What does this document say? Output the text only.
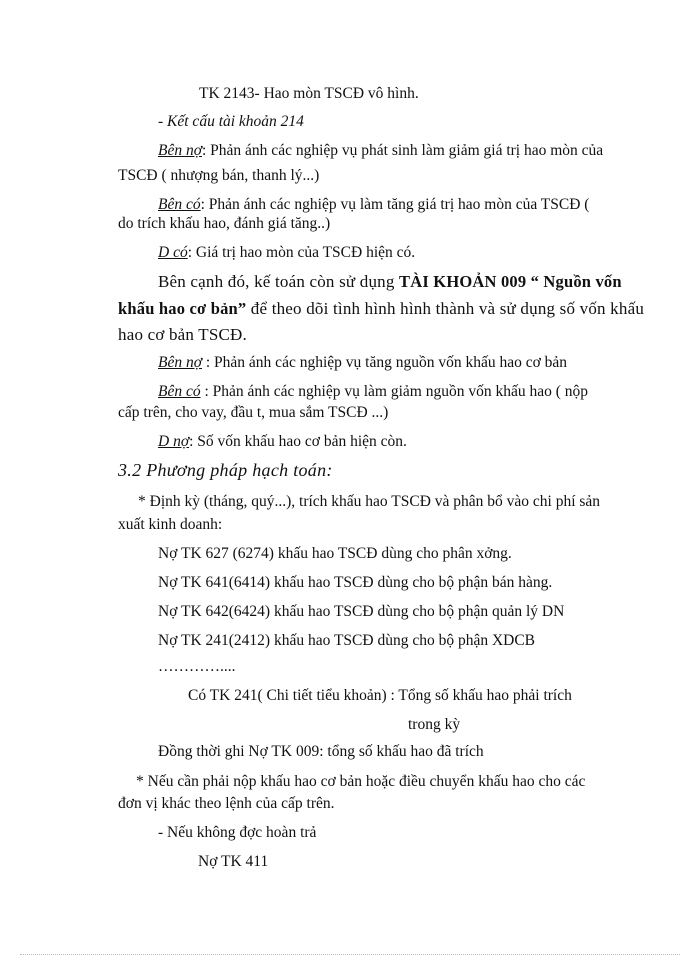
TK 2143- Hao mòn TSCĐ vô hình.
- Kết cấu tài khoản 214
Bên nợ: Phản ánh các nghiệp vụ phát sinh làm giảm giá trị hao mòn của
TSCĐ ( nhượng bán, thanh lý...)
Bên có: Phản ánh các nghiệp vụ làm tăng giá trị hao mòn của TSCĐ (
do trích khấu hao, đánh giá tăng..)
D có: Giá trị hao mòn của TSCĐ hiện có.
Bên cạnh đó, kế toán còn sử dụng TÀI KHOẢN 009 “ Nguồn vốn
khấu hao cơ bản” để theo dõi tình hình hình thành và sử dụng số vốn khấu
hao cơ bản TSCĐ.
Bên nợ : Phản ánh các nghiệp vụ tăng nguồn vốn khấu hao cơ bản
Bên có : Phản ánh các nghiệp vụ làm giảm nguồn vốn khấu hao ( nộp
cấp trên, cho vay, đầu t, mua sắm TSCĐ ...)
D nợ: Số vốn khấu hao cơ bản hiện còn.
3.2 Phương pháp hạch toán:
* Định kỳ (tháng, quý...), trích khấu hao TSCĐ và phân bổ vào chi phí sản
xuất kinh doanh:
Nợ TK 627 (6274) khấu hao TSCĐ dùng cho phân xởng.
Nợ TK 641(6414) khấu hao TSCĐ dùng cho bộ phận bán hàng.
Nợ TK 642(6424) khấu hao TSCĐ dùng cho bộ phận quản lý DN
Nợ TK 241(2412) khấu hao TSCĐ dùng cho bộ phận XDCB
…………....
Có TK 241( Chi tiết tiểu khoản) : Tổng số khấu hao phải trích
trong kỳ
Đồng thời ghi Nợ TK 009: tổng số khấu hao đã trích
* Nếu cần phải nộp khấu hao cơ bản hoặc điều chuyển khấu hao cho các
đơn vị khác theo lệnh của cấp trên.
- Nếu không đợc hoàn trả
Nợ TK 411
